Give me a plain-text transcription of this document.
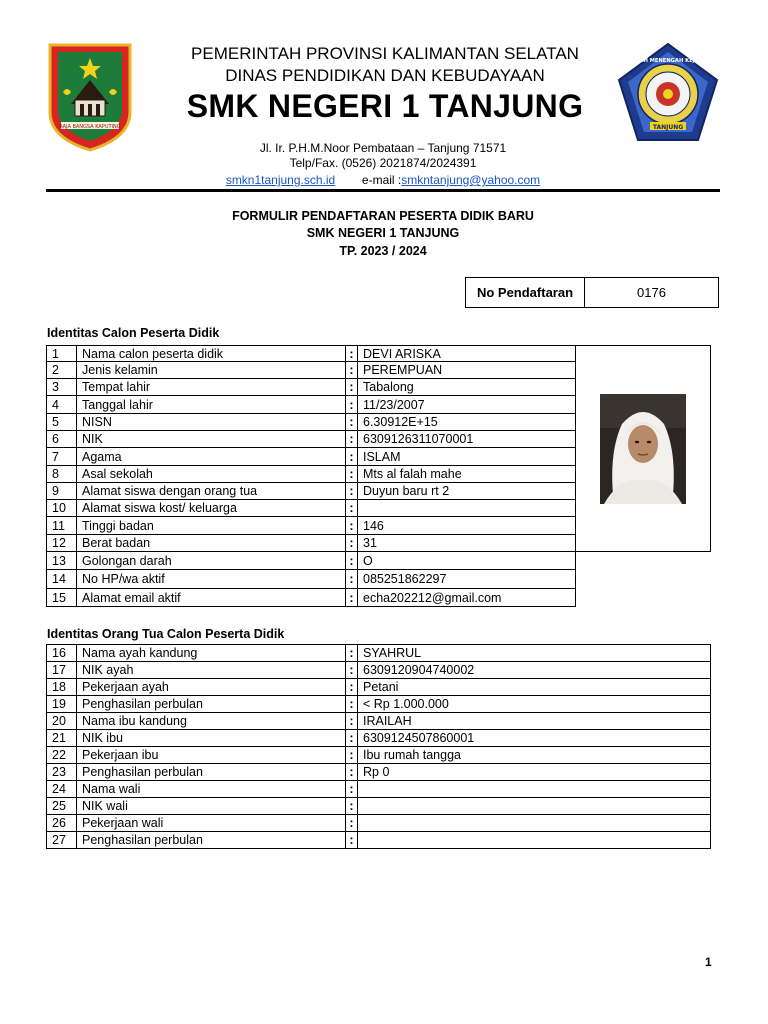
RAJA BANGSA KAPUTING	TANJUNG
SEKOLAH MENENGAH KEJURUAN
PEMERINTAH PROVINSI KALIMANTAN SELATAN
DINAS PENDIDIKAN DAN KEBUDAYAAN
SMK NEGERI 1 TANJUNG
Jl. Ir. P.H.M.Noor Pembataan – Tanjung 71571
Telp/Fax. (0526) 2021874/2024391
smkn1tanjung.sch.id e-mail :smkntanjung@yahoo.com
FORMULIR PENDAFTARAN PESERTA DIDIK BARU
SMK NEGERI 1 TANJUNG
TP. 2023 / 2024
No Pendaftaran	0176
Identitas Calon Peserta Didik
1	Nama calon peserta didik	:	DEVI ARISKA	

2	Jenis kelamin	:	PEREMPUAN	
3	Tempat lahir	:	Tabalong	
4	Tanggal lahir	:	11/23/2007	
5	NISN	:	6.30912E+15	
6	NIK	:	6309126311070001	
7	Agama	:	ISLAM	
8	Asal sekolah	:	Mts al falah mahe	
9	Alamat siswa dengan orang tua	:	Duyun baru rt 2	
10	Alamat siswa kost/ keluarga	:		
11	Tinggi badan	:	146	
12	Berat badan	:	31	
13	Golongan darah	:	O	
14	No HP/wa aktif	:	085251862297	
15	Alamat email aktif	:	echa202212@gmail.com	
Identitas Orang Tua Calon Peserta Didik
16	Nama ayah kandung	:	SYAHRUL
17	NIK ayah	:	6309120904740002
18	Pekerjaan ayah	:	Petani
19	Penghasilan perbulan	:	< Rp 1.000.000
20	Nama ibu kandung	:	IRAILAH
21	NIK ibu	:	6309124507860001
22	Pekerjaan ibu	:	Ibu rumah tangga
23	Penghasilan perbulan	:	Rp 0
24	Nama wali	:	
25	NIK wali	:	
26	Pekerjaan wali	:	
27	Penghasilan perbulan	:	
1
